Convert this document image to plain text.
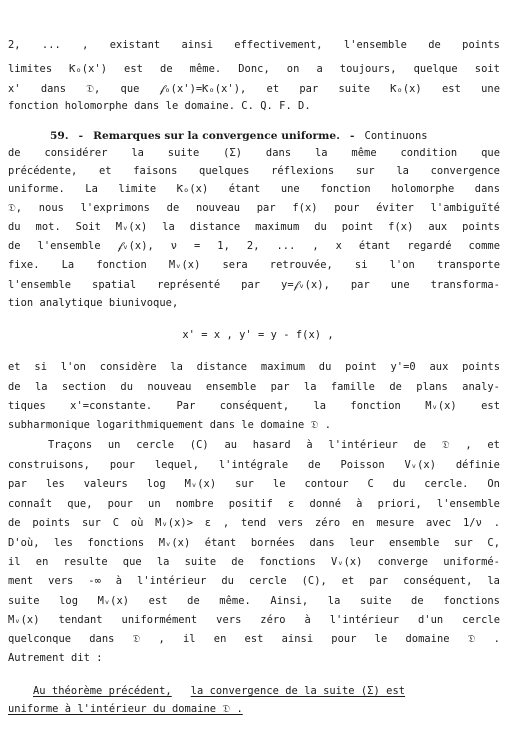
2, ... , existant ainsi effectivement, l'ensemble de points
limites Ƙₒ(x') est de même. Donc, on a toujours, quelque soit
x' dans 𝔇, que 𝒻ₒ(x')=Ƙₒ(x'), et par suite Ƙₒ(x) est une
fonction holomorphe dans le domaine. C. Q. F. D.
59.  -  Remarques sur la convergence uniforme.  -  Continuons
de considérer la suite (Σ) dans la même condition que
précédente, et faisons quelques réflexions sur la convergence
uniforme. La limite Ƙₒ(x) étant une fonction holomorphe dans
𝔇, nous l'exprimons de nouveau par f(x) pour éviter l'ambiguïté
du mot. Soit Mᵥ(x) la distance maximum du point f(x) aux points
de l'ensemble 𝒻ᵥ(x), ν = 1, 2, ... , x étant regardé comme
fixe. La fonction Mᵥ(x) sera retrouvée, si l'on transporte
l'ensemble spatial représenté par y=𝒻ᵥ(x), par une transforma-
tion analytique biunivoque,
x' = x , y' = y - f(x) ,
et si l'on considère la distance maximum du point y'=0 aux points
de la section du nouveau ensemble par la famille de plans analy-
tiques x'=constante. Par conséquent, la fonction Mᵥ(x) est
subharmonique logarithmiquement dans le domaine 𝔇 .
Traçons un cercle (C) au hasard à l'intérieur de 𝔇 , et
construisons, pour lequel, l'intégrale de Poisson Vᵥ(x) définie
par les valeurs log Mᵥ(x) sur le contour C du cercle. On
connaît que, pour un nombre positif ε donné à priori, l'ensemble
de points sur C où Mᵥ(x)> ε , tend vers zéro en mesure avec 1/ν .
D'où, les fonctions Mᵥ(x) étant bornées dans leur ensemble sur C,
il en resulte que la suite de fonctions Vᵥ(x) converge uniformé-
ment vers -∞ à l'intérieur du cercle (C), et par conséquent, la
suite log Mᵥ(x) est de même. Ainsi, la suite de fonctions
Mᵥ(x) tendant uniformément vers zéro à l'intérieur d'un cercle
quelconque dans 𝔇 , il en est ainsi pour le domaine 𝔇 .
Autrement dit :
Au théorème précédent, la convergence de la suite (Σ) est
uniforme à l'intérieur du domaine 𝔇 .
